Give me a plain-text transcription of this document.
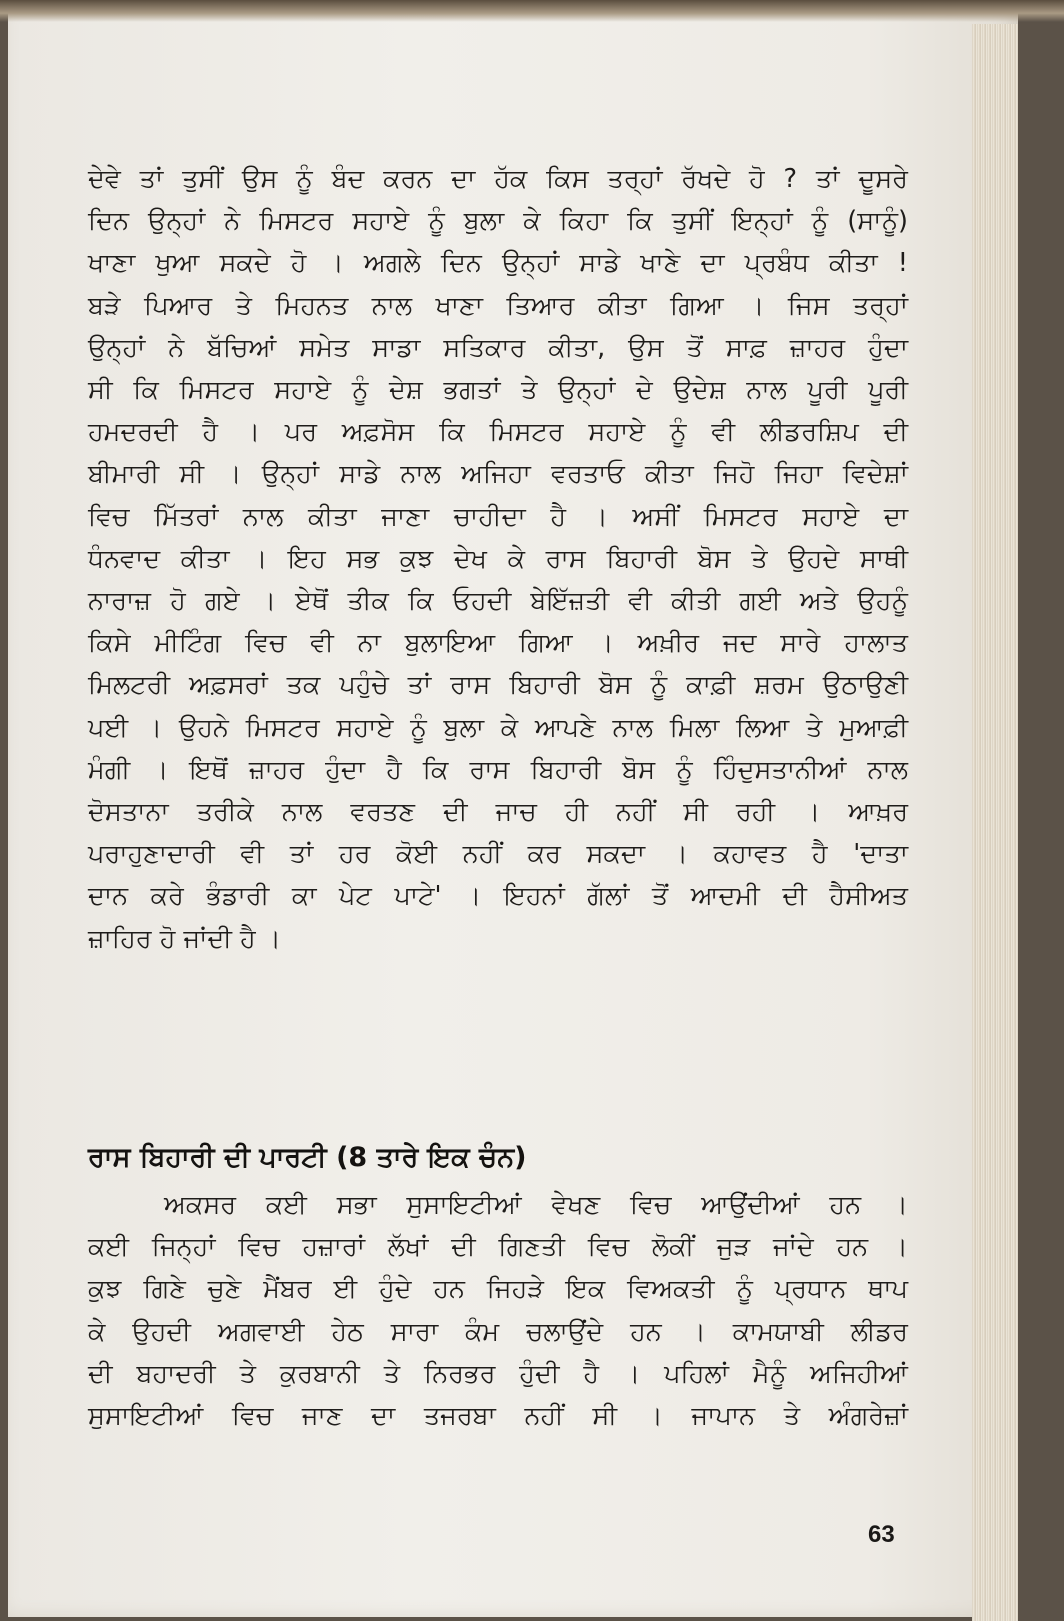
ਦੇਵੇ ਤਾਂ ਤੁਸੀਂ ਉਸ ਨੂੰ ਬੰਦ ਕਰਨ ਦਾ ਹੱਕ ਕਿਸ ਤਰ੍ਹਾਂ ਰੱਖਦੇ ਹੋ ? ਤਾਂ ਦੂਸਰੇ
ਦਿਨ ਉਨ੍ਹਾਂ ਨੇ ਮਿਸਟਰ ਸਹਾਏ ਨੂੰ ਬੁਲਾ ਕੇ ਕਿਹਾ ਕਿ ਤੁਸੀਂ ਇਨ੍ਹਾਂ ਨੂੰ (ਸਾਨੂੰ)
ਖਾਣਾ ਖੁਆ ਸਕਦੇ ਹੋ । ਅਗਲੇ ਦਿਨ ਉਨ੍ਹਾਂ ਸਾਡੇ ਖਾਣੇ ਦਾ ਪ੍ਰਬੰਧ ਕੀਤਾ !
ਬੜੇ ਪਿਆਰ ਤੇ ਮਿਹਨਤ ਨਾਲ ਖਾਣਾ ਤਿਆਰ ਕੀਤਾ ਗਿਆ । ਜਿਸ ਤਰ੍ਹਾਂ
ਉਨ੍ਹਾਂ ਨੇ ਬੱਚਿਆਂ ਸਮੇਤ ਸਾਡਾ ਸਤਿਕਾਰ ਕੀਤਾ, ਉਸ ਤੋਂ ਸਾਫ਼ ਜ਼ਾਹਰ ਹੁੰਦਾ
ਸੀ ਕਿ ਮਿਸਟਰ ਸਹਾਏ ਨੂੰ ਦੇਸ਼ ਭਗਤਾਂ ਤੇ ਉਨ੍ਹਾਂ ਦੇ ਉਦੇਸ਼ ਨਾਲ ਪੂਰੀ ਪੂਰੀ
ਹਮਦਰਦੀ ਹੈ । ਪਰ ਅਫ਼ਸੋਸ ਕਿ ਮਿਸਟਰ ਸਹਾਏ ਨੂੰ ਵੀ ਲੀਡਰਸ਼ਿਪ ਦੀ
ਬੀਮਾਰੀ ਸੀ । ਉਨ੍ਹਾਂ ਸਾਡੇ ਨਾਲ ਅਜਿਹਾ ਵਰਤਾਓ ਕੀਤਾ ਜਿਹੋ ਜਿਹਾ ਵਿਦੇਸ਼ਾਂ
ਵਿਚ ਮਿੱਤਰਾਂ ਨਾਲ ਕੀਤਾ ਜਾਣਾ ਚਾਹੀਦਾ ਹੈ । ਅਸੀਂ ਮਿਸਟਰ ਸਹਾਏ ਦਾ
ਧੰਨਵਾਦ ਕੀਤਾ । ਇਹ ਸਭ ਕੁਝ ਦੇਖ ਕੇ ਰਾਸ ਬਿਹਾਰੀ ਬੋਸ ਤੇ ਉਹਦੇ ਸਾਥੀ
ਨਾਰਾਜ਼ ਹੋ ਗਏ । ਏਥੋਂ ਤੀਕ ਕਿ ਓਹਦੀ ਬੇਇੱਜ਼ਤੀ ਵੀ ਕੀਤੀ ਗਈ ਅਤੇ ਉਹਨੂੰ
ਕਿਸੇ ਮੀਟਿੰਗ ਵਿਚ ਵੀ ਨਾ ਬੁਲਾਇਆ ਗਿਆ । ਅਖ਼ੀਰ ਜਦ ਸਾਰੇ ਹਾਲਾਤ
ਮਿਲਟਰੀ ਅਫ਼ਸਰਾਂ ਤਕ ਪਹੁੰਚੇ ਤਾਂ ਰਾਸ ਬਿਹਾਰੀ ਬੋਸ ਨੂੰ ਕਾਫ਼ੀ ਸ਼ਰਮ ਉਠਾਉਣੀ
ਪਈ । ਉਹਨੇ ਮਿਸਟਰ ਸਹਾਏ ਨੂੰ ਬੁਲਾ ਕੇ ਆਪਣੇ ਨਾਲ ਮਿਲਾ ਲਿਆ ਤੇ ਮੁਆਫ਼ੀ
ਮੰਗੀ । ਇਥੋਂ ਜ਼ਾਹਰ ਹੁੰਦਾ ਹੈ ਕਿ ਰਾਸ ਬਿਹਾਰੀ ਬੋਸ ਨੂੰ ਹਿੰਦੁਸਤਾਨੀਆਂ ਨਾਲ
ਦੋਸਤਾਨਾ ਤਰੀਕੇ ਨਾਲ ਵਰਤਣ ਦੀ ਜਾਚ ਹੀ ਨਹੀਂ ਸੀ ਰਹੀ । ਆਖ਼ਰ
ਪਰਾਹੁਣਾਦਾਰੀ ਵੀ ਤਾਂ ਹਰ ਕੋਈ ਨਹੀਂ ਕਰ ਸਕਦਾ । ਕਹਾਵਤ ਹੈ 'ਦਾਤਾ
ਦਾਨ ਕਰੇ ਭੰਡਾਰੀ ਕਾ ਪੇਟ ਪਾਟੇ' । ਇਹਨਾਂ ਗੱਲਾਂ ਤੋਂ ਆਦਮੀ ਦੀ ਹੈਸੀਅਤ
ਜ਼ਾਹਿਰ ਹੋ ਜਾਂਦੀ ਹੈ ।
ਰਾਸ ਬਿਹਾਰੀ ਦੀ ਪਾਰਟੀ (8 ਤਾਰੇ ਇਕ ਚੰਨ)
ਅਕਸਰ ਕਈ ਸਭਾ ਸੁਸਾਇਟੀਆਂ ਵੇਖਣ ਵਿਚ ਆਉਂਦੀਆਂ ਹਨ ।
ਕਈ ਜਿਨ੍ਹਾਂ ਵਿਚ ਹਜ਼ਾਰਾਂ ਲੱਖਾਂ ਦੀ ਗਿਣਤੀ ਵਿਚ ਲੋਕੀਂ ਜੁੜ ਜਾਂਦੇ ਹਨ ।
ਕੁਝ ਗਿਣੇ ਚੁਣੇ ਮੈਂਬਰ ਈ ਹੁੰਦੇ ਹਨ ਜਿਹੜੇ ਇਕ ਵਿਅਕਤੀ ਨੂੰ ਪ੍ਰਧਾਨ ਥਾਪ
ਕੇ ਉਹਦੀ ਅਗਵਾਈ ਹੇਠ ਸਾਰਾ ਕੰਮ ਚਲਾਉਂਦੇ ਹਨ । ਕਾਮਯਾਬੀ ਲੀਡਰ
ਦੀ ਬਹਾਦਰੀ ਤੇ ਕੁਰਬਾਨੀ ਤੇ ਨਿਰਭਰ ਹੁੰਦੀ ਹੈ । ਪਹਿਲਾਂ ਮੈਨੂੰ ਅਜਿਹੀਆਂ
ਸੁਸਾਇਟੀਆਂ ਵਿਚ ਜਾਣ ਦਾ ਤਜਰਬਾ ਨਹੀਂ ਸੀ । ਜਾਪਾਨ ਤੇ ਅੰਗਰੇਜ਼ਾਂ
63
